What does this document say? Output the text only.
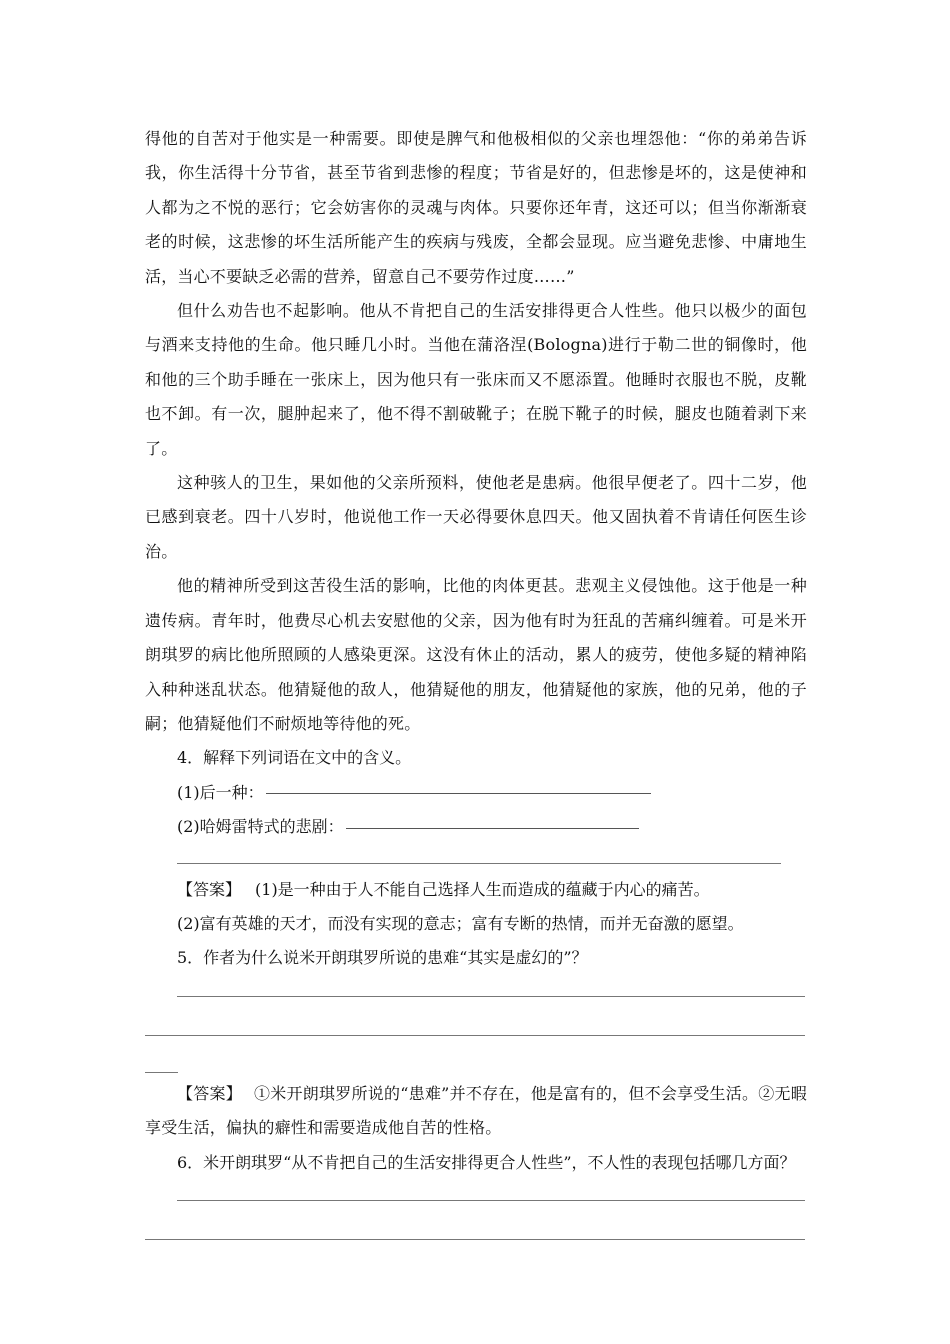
得他的自苦对于他实是一种需要。即使是脾气和他极相似的父亲也埋怨他：“你的弟弟告诉我，你生活得十分节省，甚至节省到悲惨的程度；节省是好的，但悲惨是坏的，这是使神和人都为之不悦的恶行；它会妨害你的灵魂与肉体。只要你还年青，这还可以；但当你渐渐衰老的时候，这悲惨的坏生活所能产生的疾病与残废，全都会显现。应当避免悲惨、中庸地生活，当心不要缺乏必需的营养，留意自己不要劳作过度……”

但什么劝告也不起影响。他从不肯把自己的生活安排得更合人性些。他只以极少的面包与酒来支持他的生命。他只睡几小时。当他在蒲洛涅(Bologna)进行于勒二世的铜像时，他和他的三个助手睡在一张床上，因为他只有一张床而又不愿添置。他睡时衣服也不脱，皮靴也不卸。有一次，腿肿起来了，他不得不割破靴子；在脱下靴子的时候，腿皮也随着剥下来了。

这种骇人的卫生，果如他的父亲所预料，使他老是患病。他很早便老了。四十二岁，他已感到衰老。四十八岁时，他说他工作一天必得要休息四天。他又固执着不肯请任何医生诊治。

他的精神所受到这苦役生活的影响，比他的肉体更甚。悲观主义侵蚀他。这于他是一种遗传病。青年时，他费尽心机去安慰他的父亲，因为他有时为狂乱的苦痛纠缠着。可是米开朗琪罗的病比他所照顾的人感染更深。这没有休止的活动，累人的疲劳，使他多疑的精神陷入种种迷乱状态。他猜疑他的敌人，他猜疑他的朋友，他猜疑他的家族，他的兄弟，他的子嗣；他猜疑他们不耐烦地等待他的死。

4．解释下列词语在文中的含义。

(1)后一种：

(2)哈姆雷特式的悲剧：

【答案】 (1)是一种由于人不能自己选择人生而造成的蕴藏于内心的痛苦。

(2)富有英雄的天才，而没有实现的意志；富有专断的热情，而并无奋激的愿望。

5．作者为什么说米开朗琪罗所说的患难“其实是虚幻的”？

【答案】 ①米开朗琪罗所说的“患难”并不存在，他是富有的，但不会享受生活。②无暇享受生活，偏执的癖性和需要造成他自苦的性格。

6．米开朗琪罗“从不肯把自己的生活安排得更合人性些”，不人性的表现包括哪几方面？
